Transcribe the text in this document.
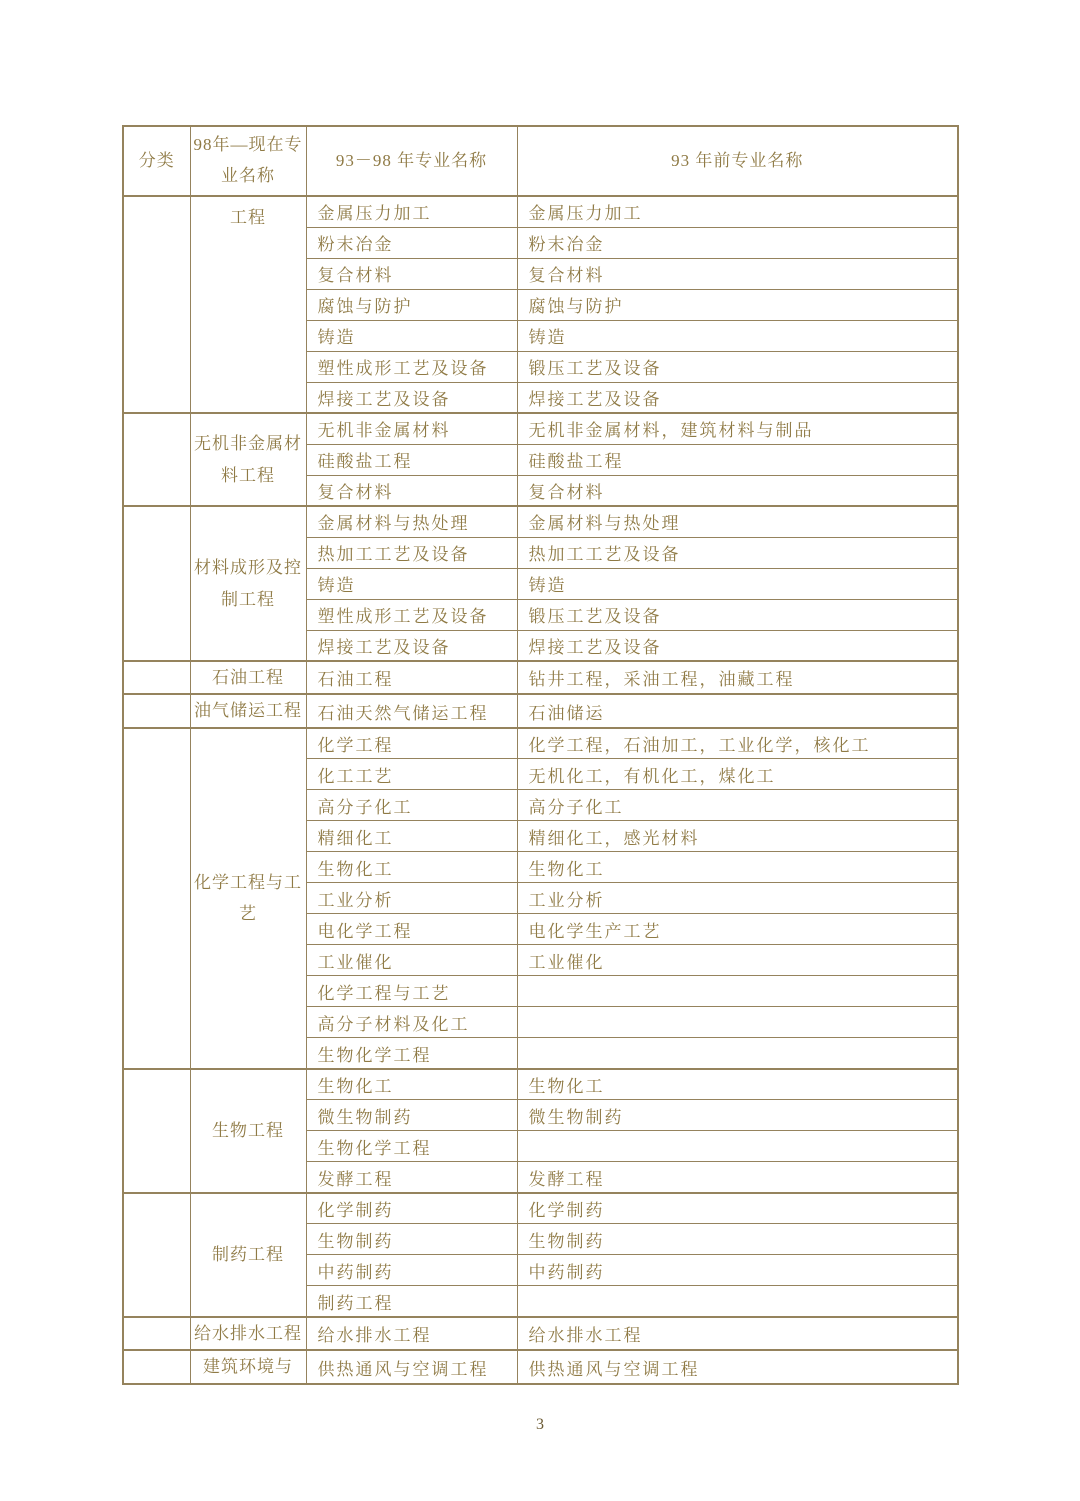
分类	98年—现在专业名称	93－98 年专业名称	93 年前专业名称
	工程	金属压力加工	金属压力加工
		粉末冶金	粉末冶金
		复合材料	复合材料
		腐蚀与防护	腐蚀与防护
		铸造	铸造
		塑性成形工艺及设备	锻压工艺及设备
		焊接工艺及设备	焊接工艺及设备
	无机非金属材料工程	无机非金属材料	无机非金属材料，建筑材料与制品
		硅酸盐工程	硅酸盐工程
		复合材料	复合材料
	材料成形及控制工程	金属材料与热处理	金属材料与热处理
		热加工工艺及设备	热加工工艺及设备
		铸造	铸造
		塑性成形工艺及设备	锻压工艺及设备
		焊接工艺及设备	焊接工艺及设备
	石油工程	石油工程	钻井工程，采油工程，油藏工程
	油气储运工程	石油天然气储运工程	石油储运
	化学工程与工艺	化学工程	化学工程，石油加工，工业化学，核化工
		化工工艺	无机化工，有机化工，煤化工
		高分子化工	高分子化工
		精细化工	精细化工，感光材料
		生物化工	生物化工
		工业分析	工业分析
		电化学工程	电化学生产工艺
		工业催化	工业催化
		化学工程与工艺	
		高分子材料及化工	
		生物化学工程	
	生物工程	生物化工	生物化工
		微生物制药	微生物制药
		生物化学工程	
		发酵工程	发酵工程
	制药工程	化学制药	化学制药
		生物制药	生物制药
		中药制药	中药制药
		制药工程	
	给水排水工程	给水排水工程	给水排水工程
	建筑环境与	供热通风与空调工程	供热通风与空调工程
3
